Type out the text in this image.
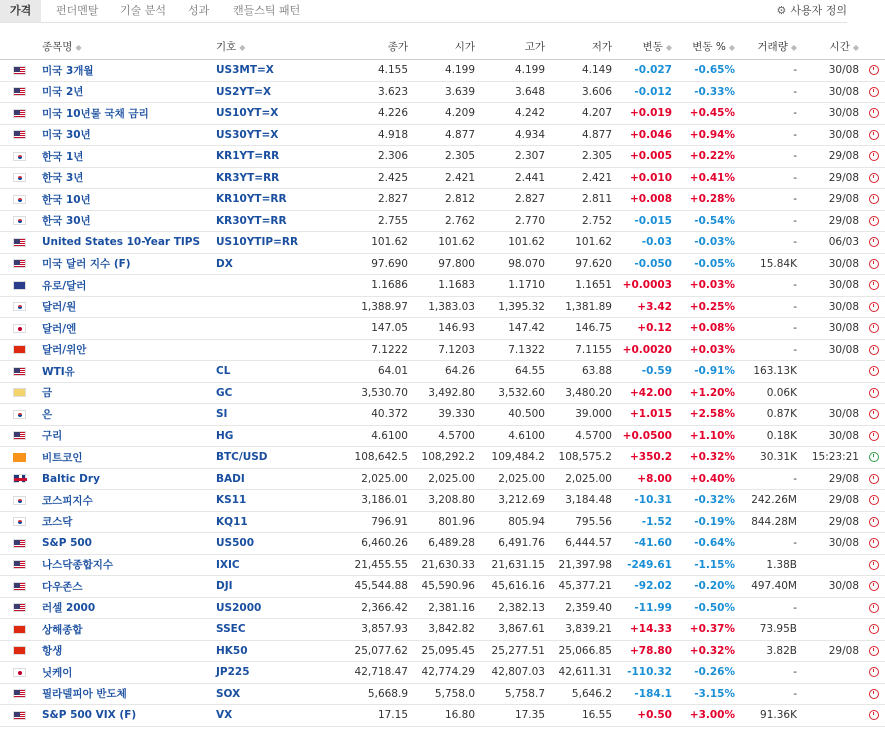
가격	펀더멘탈 기술 분석 성과 캔들스틱 패턴	⚙ 사용자 정의
	종목명 ◆	기호 ◆	종가	시가	고가	저가	변동 ◆	변동 % ◆	거래량 ◆	시간 ◆	
	미국 3개월	US3MT=X	4.155	4.199	4.199	4.149	-0.027	-0.65%	-	30/08	
	미국 2년	US2YT=X	3.623	3.639	3.648	3.606	-0.012	-0.33%	-	30/08	
	미국 10년물 국채 금리	US10YT=X	4.226	4.209	4.242	4.207	+0.019	+0.45%	-	30/08	
	미국 30년	US30YT=X	4.918	4.877	4.934	4.877	+0.046	+0.94%	-	30/08	
	한국 1년	KR1YT=RR	2.306	2.305	2.307	2.305	+0.005	+0.22%	-	29/08	
	한국 3년	KR3YT=RR	2.425	2.421	2.441	2.421	+0.010	+0.41%	-	29/08	
	한국 10년	KR10YT=RR	2.827	2.812	2.827	2.811	+0.008	+0.28%	-	29/08	
	한국 30년	KR30YT=RR	2.755	2.762	2.770	2.752	-0.015	-0.54%	-	29/08	
	United States 10-Year TIPS	US10YTIP=RR	101.62	101.62	101.62	101.62	-0.03	-0.03%	-	06/03	
	미국 달러 지수 (F)	DX	97.690	97.800	98.070	97.620	-0.050	-0.05%	15.84K	30/08	
	유로/달러		1.1686	1.1683	1.1710	1.1651	+0.0003	+0.03%	-	30/08	
	달러/원		1,388.97	1,383.03	1,395.32	1,381.89	+3.42	+0.25%	-	30/08	
	달러/엔		147.05	146.93	147.42	146.75	+0.12	+0.08%	-	30/08	
	달러/위안		7.1222	7.1203	7.1322	7.1155	+0.0020	+0.03%	-	30/08	
	WTI유	CL	64.01	64.26	64.55	63.88	-0.59	-0.91%	163.13K		
	금	GC	3,530.70	3,492.80	3,532.60	3,480.20	+42.00	+1.20%	0.06K		
	은	SI	40.372	39.330	40.500	39.000	+1.015	+2.58%	0.87K	30/08	
	구리	HG	4.6100	4.5700	4.6100	4.5700	+0.0500	+1.10%	0.18K	30/08	
	비트코인	BTC/USD	108,642.5	108,292.2	109,484.2	108,575.2	+350.2	+0.32%	30.31K	15:23:21	
	Baltic Dry	BADI	2,025.00	2,025.00	2,025.00	2,025.00	+8.00	+0.40%	-	29/08	
	코스피지수	KS11	3,186.01	3,208.80	3,212.69	3,184.48	-10.31	-0.32%	242.26M	29/08	
	코스닥	KQ11	796.91	801.96	805.94	795.56	-1.52	-0.19%	844.28M	29/08	
	S&P 500	US500	6,460.26	6,489.28	6,491.76	6,444.57	-41.60	-0.64%	-	30/08	
	나스닥종합지수	IXIC	21,455.55	21,630.33	21,631.15	21,397.98	-249.61	-1.15%	1.38B		
	다우존스	DJI	45,544.88	45,590.96	45,616.16	45,377.21	-92.02	-0.20%	497.40M	30/08	
	러셀 2000	US2000	2,366.42	2,381.16	2,382.13	2,359.40	-11.99	-0.50%	-		
	상해종합	SSEC	3,857.93	3,842.82	3,867.61	3,839.21	+14.33	+0.37%	73.95B		
	항생	HK50	25,077.62	25,095.45	25,277.51	25,066.85	+78.80	+0.32%	3.82B	29/08	
	닛케이	JP225	42,718.47	42,774.29	42,807.03	42,611.31	-110.32	-0.26%	-		
	필라델피아 반도체	SOX	5,668.9	5,758.0	5,758.7	5,646.2	-184.1	-3.15%	-		
	S&P 500 VIX (F)	VX	17.15	16.80	17.35	16.55	+0.50	+3.00%	91.36K		
